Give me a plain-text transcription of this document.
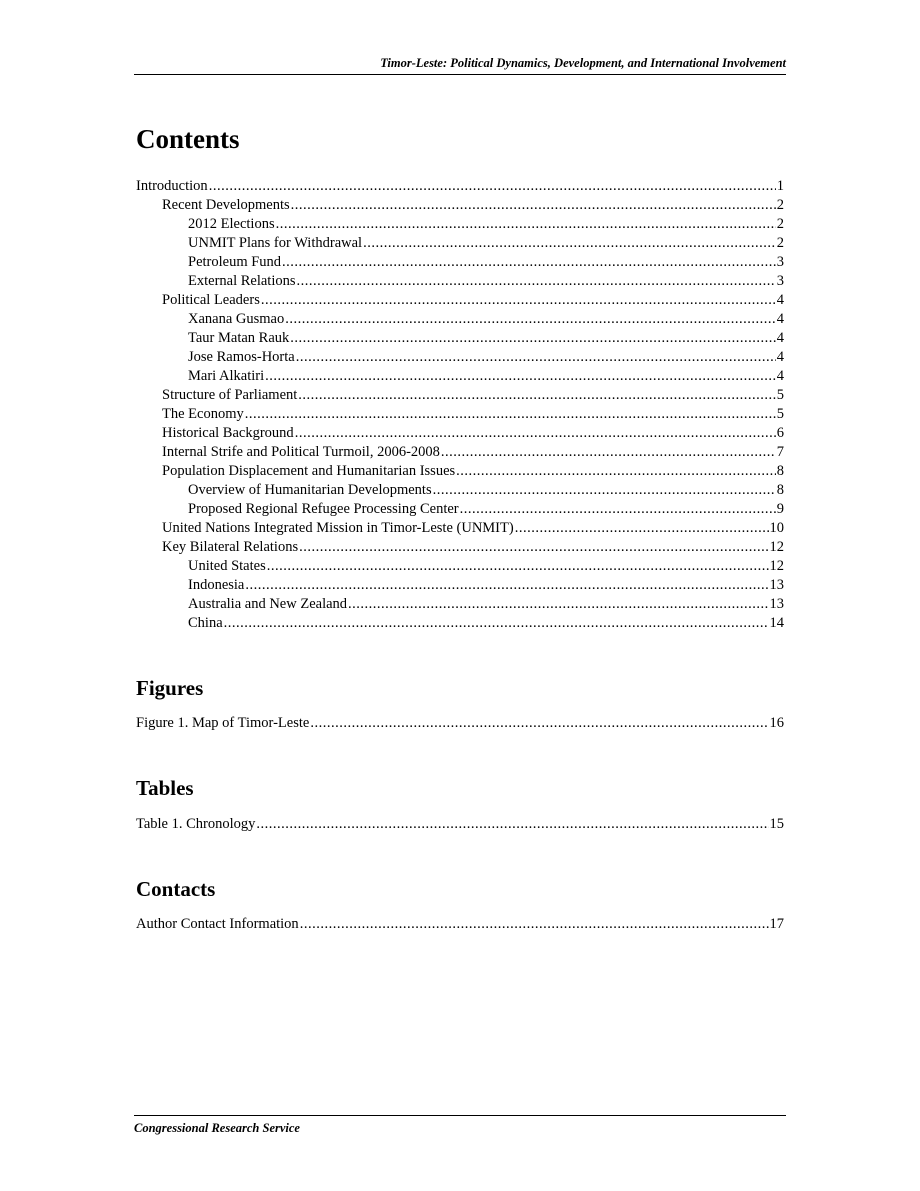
Timor-Leste: Political Dynamics, Development, and International Involvement
Contents
Introduction .....	1
Recent Developments .....	2
2012 Elections .....	2
UNMIT Plans for Withdrawal .....	2
Petroleum Fund .....	3
External Relations .....	3
Political Leaders .....	4
Xanana Gusmao .....	4
Taur Matan Rauk .....	4
Jose Ramos-Horta .....	4
Mari Alkatiri .....	4
Structure of Parliament .....	5
The Economy .....	5
Historical Background .....	6
Internal Strife and Political Turmoil, 2006-2008 .....	7
Population Displacement and Humanitarian Issues .....	8
Overview of Humanitarian Developments .....	8
Proposed Regional Refugee Processing Center .....	9
United Nations Integrated Mission in Timor-Leste (UNMIT) .....	10
Key Bilateral Relations .....	12
United States .....	12
Indonesia .....	13
Australia and New Zealand .....	13
China .....	14
Figures
Figure 1. Map of Timor-Leste .....	16
Tables
Table 1. Chronology .....	15
Contacts
Author Contact Information .....	17
Congressional Research Service
